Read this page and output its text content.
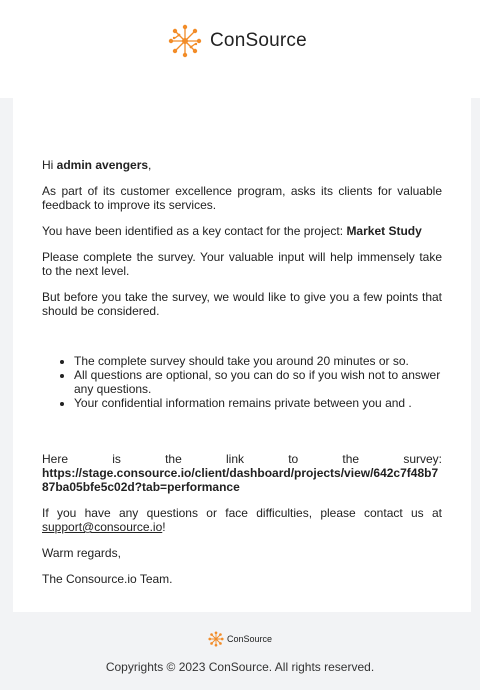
ConSource

Hi admin avengers,

As part of its customer excellence program, asks its clients for valuable feedback to improve its services.

You have been identified as a key contact for the project: Market Study

Please complete the survey. Your valuable input will help immensely take to the next level.

But before you take the survey, we would like to give you a few points that should be considered.

• The complete survey should take you around 20 minutes or so.
• All questions are optional, so you can do so if you wish not to answer any questions.
• Your confidential information remains private between you and .

Here is the link to the survey:

https://stage.consource.io/client/dashboard/projects/view/642c7f48b787ba05bfe5c02d?tab=performance

If you have any questions or face difficulties, please contact us at support@consource.io!

Warm regards,

The Consource.io Team.

ConSource
Copyrights © 2023 ConSource. All rights reserved.
